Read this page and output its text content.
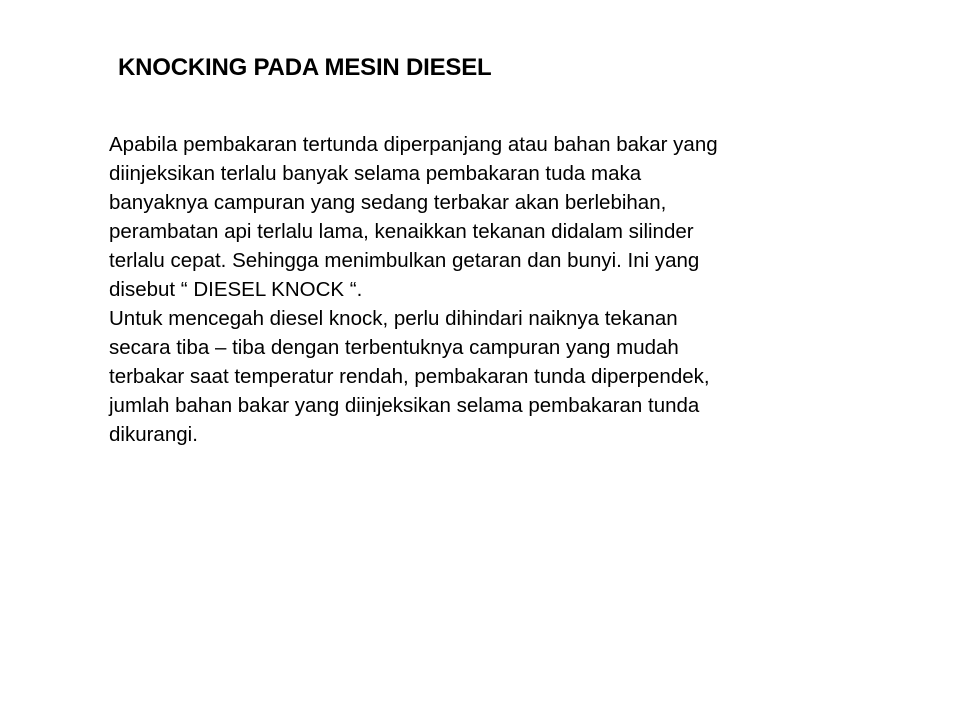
KNOCKING PADA MESIN DIESEL

Apabila pembakaran tertunda diperpanjang atau bahan bakar yang
diinjeksikan terlalu banyak selama pembakaran tuda maka
banyaknya campuran yang sedang terbakar akan berlebihan,
perambatan api terlalu lama, kenaikkan tekanan didalam silinder
terlalu cepat. Sehingga menimbulkan getaran dan bunyi. Ini yang
disebut “ DIESEL KNOCK “.

Untuk mencegah diesel knock, perlu dihindari naiknya tekanan
secara tiba – tiba dengan terbentuknya campuran yang mudah
terbakar saat temperatur rendah, pembakaran tunda diperpendek,
jumlah bahan bakar yang diinjeksikan selama pembakaran tunda
dikurangi.
